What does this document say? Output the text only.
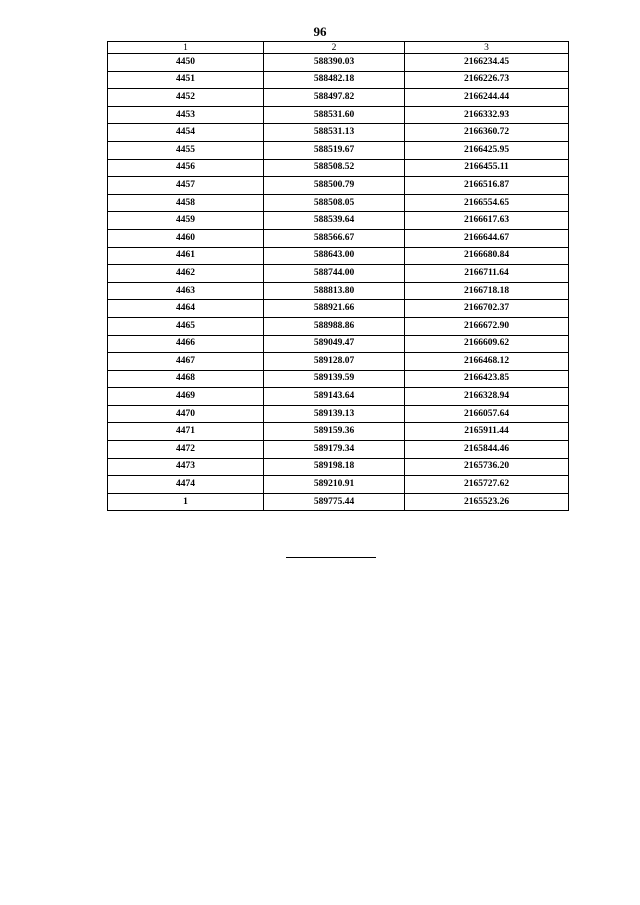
96
1	2	3
4450	588390.03	2166234.45
4451	588482.18	2166226.73
4452	588497.82	2166244.44
4453	588531.60	2166332.93
4454	588531.13	2166360.72
4455	588519.67	2166425.95
4456	588508.52	2166455.11
4457	588500.79	2166516.87
4458	588508.05	2166554.65
4459	588539.64	2166617.63
4460	588566.67	2166644.67
4461	588643.00	2166680.84
4462	588744.00	2166711.64
4463	588813.80	2166718.18
4464	588921.66	2166702.37
4465	588988.86	2166672.90
4466	589049.47	2166609.62
4467	589128.07	2166468.12
4468	589139.59	2166423.85
4469	589143.64	2166328.94
4470	589139.13	2166057.64
4471	589159.36	2165911.44
4472	589179.34	2165844.46
4473	589198.18	2165736.20
4474	589210.91	2165727.62
1	589775.44	2165523.26
